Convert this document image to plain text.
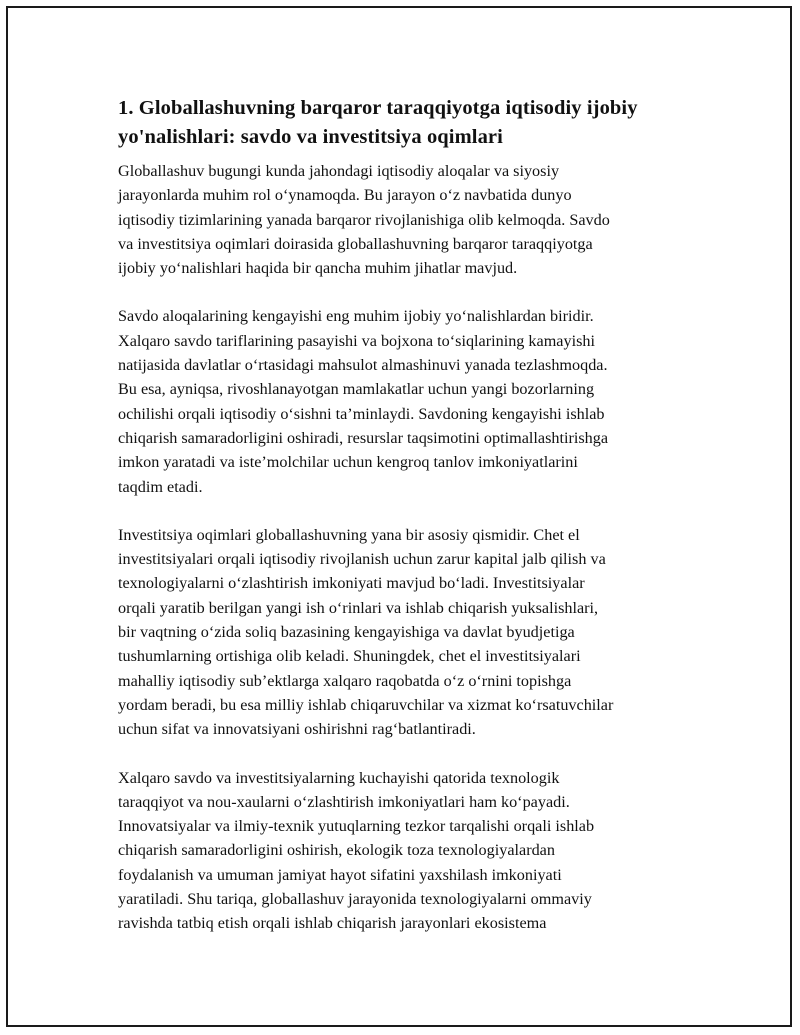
1. Globallashuvning barqaror taraqqiyotga iqtisodiy ijobiy
yo'nalishlari: savdo va investitsiya oqimlari

Globallashuv bugungi kunda jahondagi iqtisodiy aloqalar va siyosiy
jarayonlarda muhim rol o‘ynamoqda. Bu jarayon o‘z navbatida dunyo
iqtisodiy tizimlarining yanada barqaror rivojlanishiga olib kelmoqda. Savdo
va investitsiya oqimlari doirasida globallashuvning barqaror taraqqiyotga
ijobiy yo‘nalishlari haqida bir qancha muhim jihatlar mavjud.

Savdo aloqalarining kengayishi eng muhim ijobiy yo‘nalishlardan biridir.
Xalqaro savdo tariflarining pasayishi va bojxona to‘siqlarining kamayishi
natijasida davlatlar o‘rtasidagi mahsulot almashinuvi yanada tezlashmoqda.
Bu esa, ayniqsa, rivoshlanayotgan mamlakatlar uchun yangi bozorlarning
ochilishi orqali iqtisodiy o‘sishni ta’minlaydi. Savdoning kengayishi ishlab
chiqarish samaradorligini oshiradi, resurslar taqsimotini optimallashtirishga
imkon yaratadi va iste’molchilar uchun kengroq tanlov imkoniyatlarini
taqdim etadi.

Investitsiya oqimlari globallashuvning yana bir asosiy qismidir. Chet el
investitsiyalari orqali iqtisodiy rivojlanish uchun zarur kapital jalb qilish va
texnologiyalarni o‘zlashtirish imkoniyati mavjud bo‘ladi. Investitsiyalar
orqali yaratib berilgan yangi ish o‘rinlari va ishlab chiqarish yuksalishlari,
bir vaqtning o‘zida soliq bazasining kengayishiga va davlat byudjetiga
tushumlarning ortishiga olib keladi. Shuningdek, chet el investitsiyalari
mahalliy iqtisodiy sub’ektlarga xalqaro raqobatda o‘z o‘rnini topishga
yordam beradi, bu esa milliy ishlab chiqaruvchilar va xizmat ko‘rsatuvchilar
uchun sifat va innovatsiyani oshirishni rag‘batlantiradi.

Xalqaro savdo va investitsiyalarning kuchayishi qatorida texnologik
taraqqiyot va nou-xaularni o‘zlashtirish imkoniyatlari ham ko‘payadi.
Innovatsiyalar va ilmiy-texnik yutuqlarning tezkor tarqalishi orqali ishlab
chiqarish samaradorligini oshirish, ekologik toza texnologiyalardan
foydalanish va umuman jamiyat hayot sifatini yaxshilash imkoniyati
yaratiladi. Shu tariqa, globallashuv jarayonida texnologiyalarni ommaviy
ravishda tatbiq etish orqali ishlab chiqarish jarayonlari ekosistema
